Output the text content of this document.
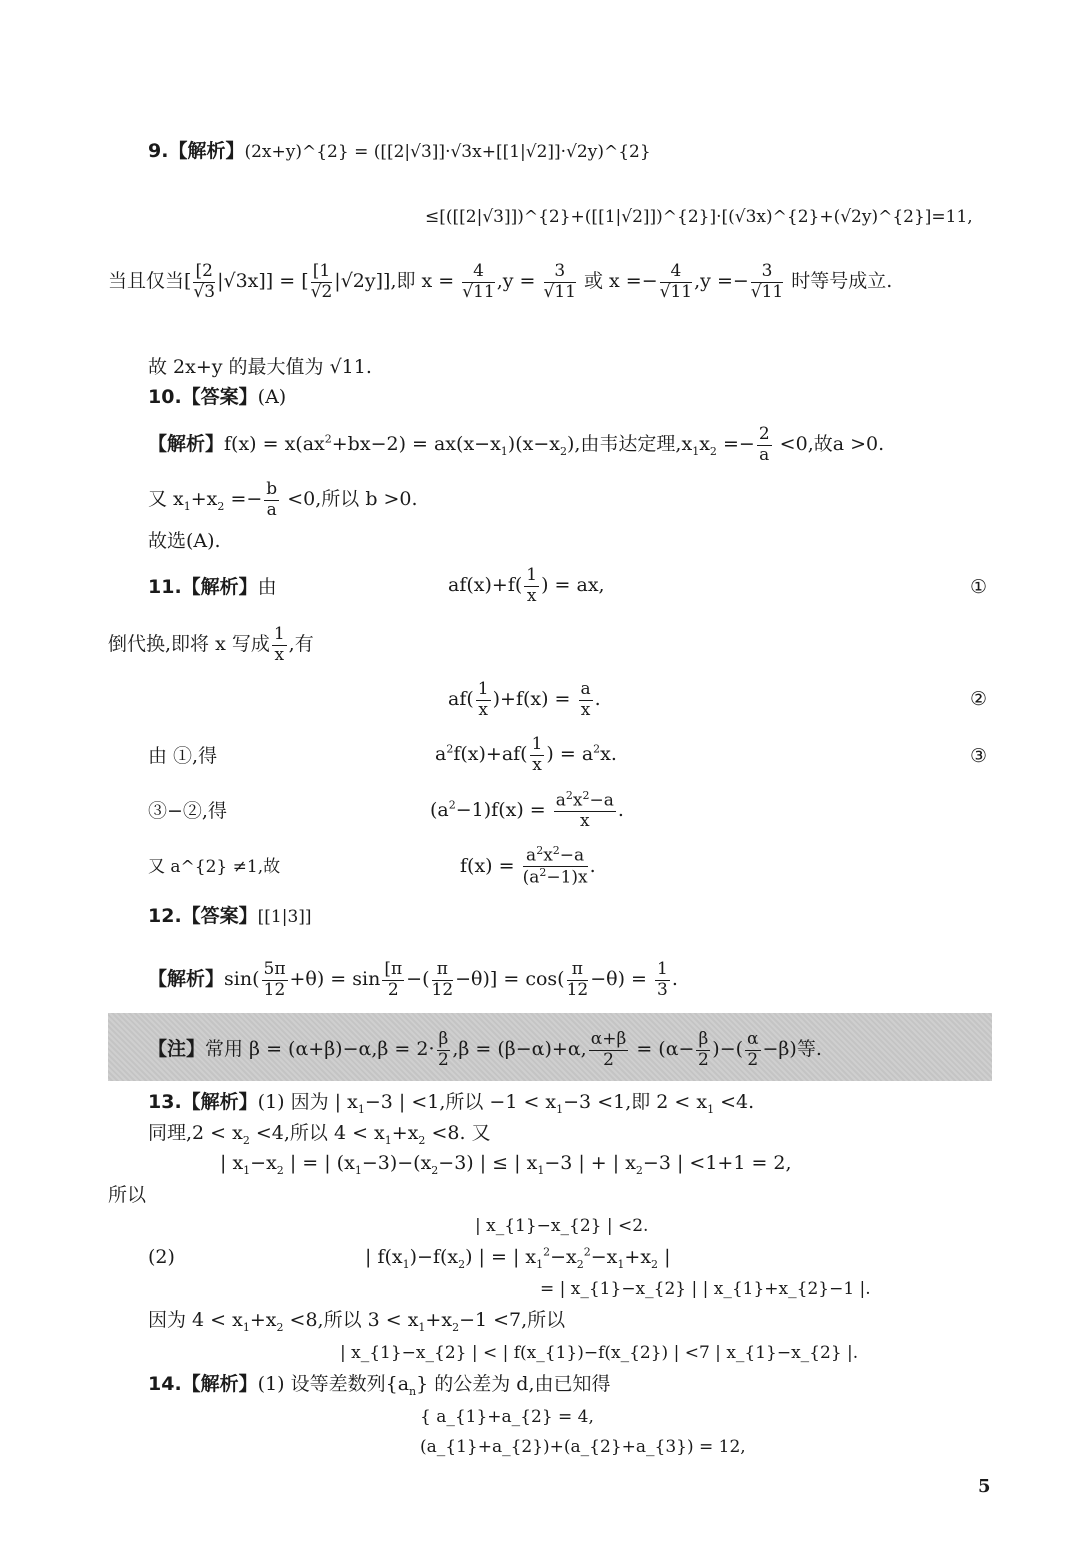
9.【解析】(2x+y)^{2} = ([[2|√3]]·√3x+[[1|√2]]·√2y)^{2}
≤[([[2|√3]])^{2}+([[1|√2]])^{2}]·[(√3x)^{2}+(√2y)^{2}]=11,
当且仅当[ $\frac{[2}{√3} |√3x$]] = [ $\frac{[1}{√2} |√2y$]],即 $x = \frac{4}{√11} ,y = \frac{3}{√11}$ 或 $x =- \frac{4}{√11} ,y =- \frac{3}{√11}$ 时等号成立.
故 2x+y 的最大值为 √11.
10.【答案】(A)
【解析】$f(x) = x(ax^2+bx-2) = ax(x-x_1)(x-x_2)$,由韦达定理$,x_1x_2 =- \frac{2}{a} <0$,故a >0.
又 $x_1+x_2 =- \frac{b}{a} <0$,所以 b >0.
故选(A).
11.【解析】由	$af(x)+f( \frac{1}{x}$ ) = ax,	①
倒代换,即将 x 写成 $\frac{1}{x}$ ,有
$af( \frac{1}{x} )+f(x) = \frac{a}{x}$ .	②
由 ①,得	$a^2f(x)+af( \frac{1}{x}$ ) = $a^2x$.	③
③−②,得	$(a^2-1)f(x) = \frac{a^2x^2-a}{x}$ .
又 a^{2} ≠1,故	$f(x) = \frac{a^2x^2-a}{(a^2-1)x}$ .
12.【答案】[[1|3]]
【解析】$\sin( \frac{5\pi}{12} +\theta) = \sin \frac{[\pi}{2}$ −( $\frac{\pi}{12} -\theta)] = \cos( \frac{\pi}{12} -\theta) = \frac{1}{3}$ .
【注】常用 $\beta = (\alpha+\beta)-\alpha,\beta = 2\cdot \frac{\beta}{2} ,\beta = (\beta-\alpha)+\alpha$, $\frac{\alpha+\beta}{2} = (\alpha- \frac{\beta}{2}$ )−( $\frac{\alpha}{2} -\beta$)等.
13.【解析】(1) 因为 | $x_1-3$ | <1,所以 $-1 < x_1-3 <1$,即 $2 < x_1 <4$.
同理$,2 < x_2 <4$,所以 $4 < x_1+x_2 <8$. 又
| $x_1-x_2$ | = | $(x_1-3)-(x_2-3)$ | ≤ | $x_1-3$ | + | $x_2-3$ | <1+1 = 2,
所以
| x_{1}−x_{2} | <2.
(2)	| $f(x_1)-f(x_2)$ | = | $x_1^2-x_2^2-x_1+x_2$ |
= | x_{1}−x_{2} | | x_{1}+x_{2}−1 |.
因为 $4 < x_1+x_2 <8$,所以 $3 < x_1+x_2-1 <7$,所以
| x_{1}−x_{2} | < | f(x_{1})−f(x_{2}) | <7 | x_{1}−x_{2} |.
14.【解析】(1) 设等差数列$\{a_n\}$ 的公差为 d,由已知得
{ a_{1}+a_{2} = 4,
(a_{1}+a_{2})+(a_{2}+a_{3}) = 12,
5
